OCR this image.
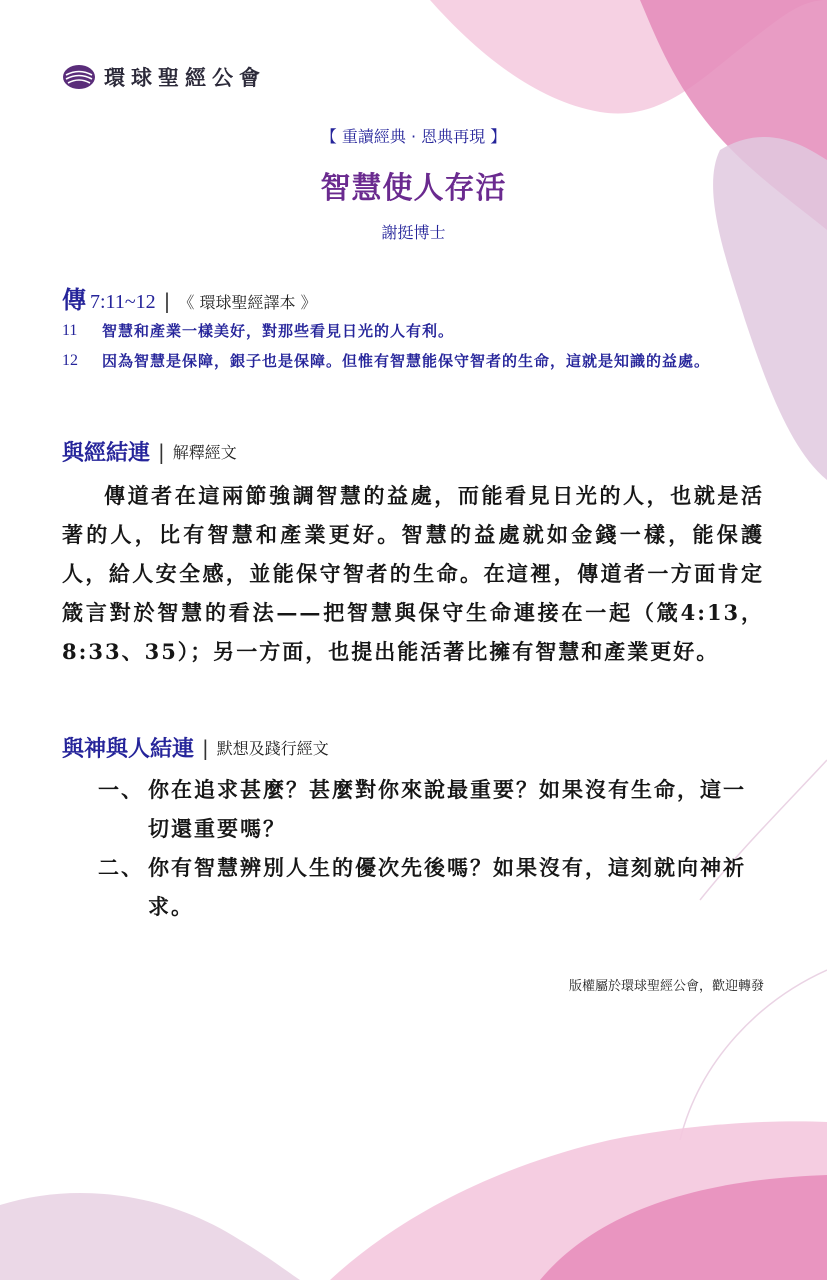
環球聖經公會
【 重讀經典 · 恩典再現 】
智慧使人存活
謝挺博士
傳 7:11~12 | 《 環球聖經譯本 》
11	智慧和產業一樣美好，對那些看見日光的人有利。
12	因為智慧是保障，銀子也是保障。但惟有智慧能保守智者的生命，這就是知識的益處。
與經結連 | 解釋經文
傳道者在這兩節強調智慧的益處，而能看見日光的人，也就是活著的人，比有智慧和產業更好。智慧的益處就如金錢一樣，能保護人，給人安全感，並能保守智者的生命。在這裡，傳道者一方面肯定箴言對於智慧的看法——把智慧與保守生命連接在一起（箴4:13，8:33、35）；另一方面，也提出能活著比擁有智慧和產業更好。
與神與人結連 | 默想及踐行經文
一、 你在追求甚麼？甚麼對你來說最重要？如果沒有生命，這一切還重要嗎？
二、 你有智慧辨別人生的優次先後嗎？如果沒有，這刻就向神祈求。
版權屬於環球聖經公會，歡迎轉發
